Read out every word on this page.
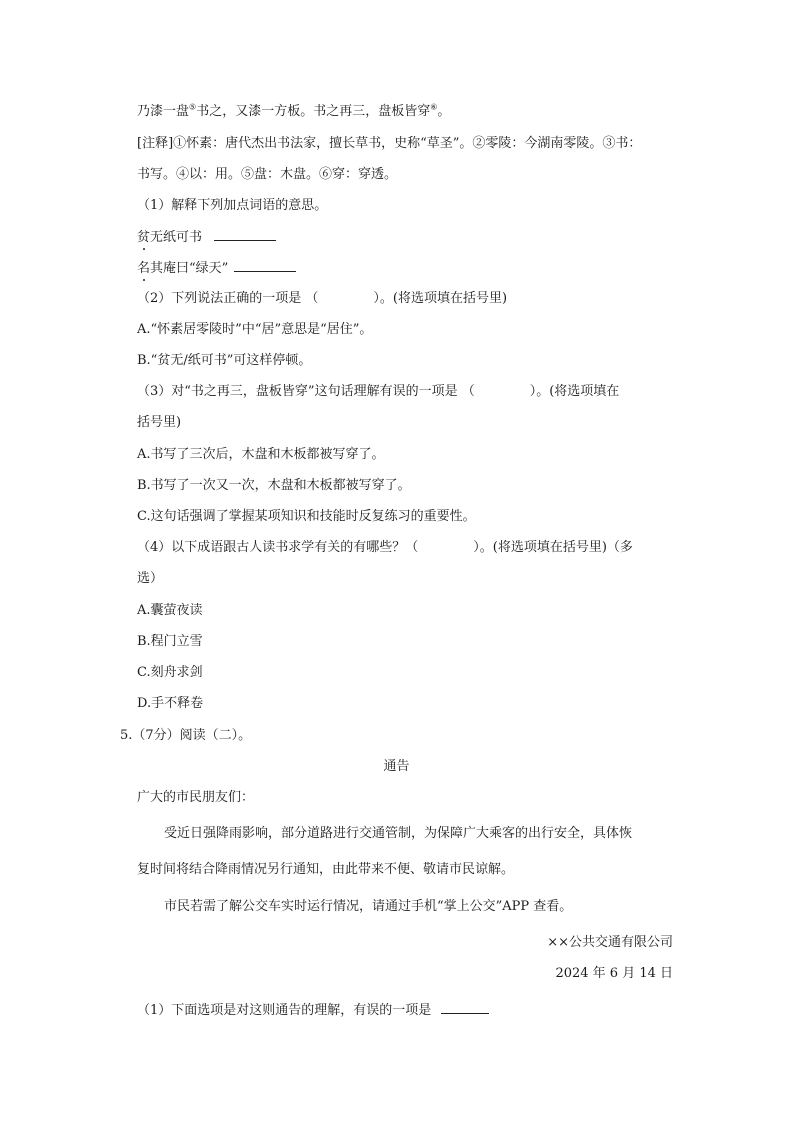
乃漆一盘⑤书之，又漆一方板。书之再三，盘板皆穿⑥。
[注释]①怀素：唐代杰出书法家，擅长草书，史称“草圣”。②零陵：今湖南零陵。③书：
书写。④以：用。⑤盘：木盘。⑥穿：穿透。
（1）解释下列加点词语的意思。
贫无纸可书
名其庵曰“绿天”
（2）下列说法正确的一项是 （	）。(将选项填在括号里)
A.“怀素居零陵时”中“居”意思是“居住”。
B.“贫无/纸可书”可这样停顿。
（3）对“书之再三，盘板皆穿”这句话理解有误的一项是 （	）。(将选项填在
括号里)
A.书写了三次后，木盘和木板都被写穿了。
B.书写了一次又一次，木盘和木板都被写穿了。
C.这句话强调了掌握某项知识和技能时反复练习的重要性。
（4）以下成语跟古人读书求学有关的有哪些？（	）。(将选项填在括号里)（多
选）
A.囊萤夜读
B.程门立雪
C.刻舟求剑
D.手不释卷
5.（7分）阅读（二）。
通告
广大的市民朋友们：
受近日强降雨影响，部分道路进行交通管制，为保障广大乘客的出行安全，具体恢
复时间将结合降雨情况另行通知，由此带来不便、敬请市民谅解。
市民若需了解公交车实时运行情况，请通过手机“掌上公交”APP 查看。
××公共交通有限公司
2024 年 6 月 14 日
（1）下面选项是对这则通告的理解，有误的一项是
